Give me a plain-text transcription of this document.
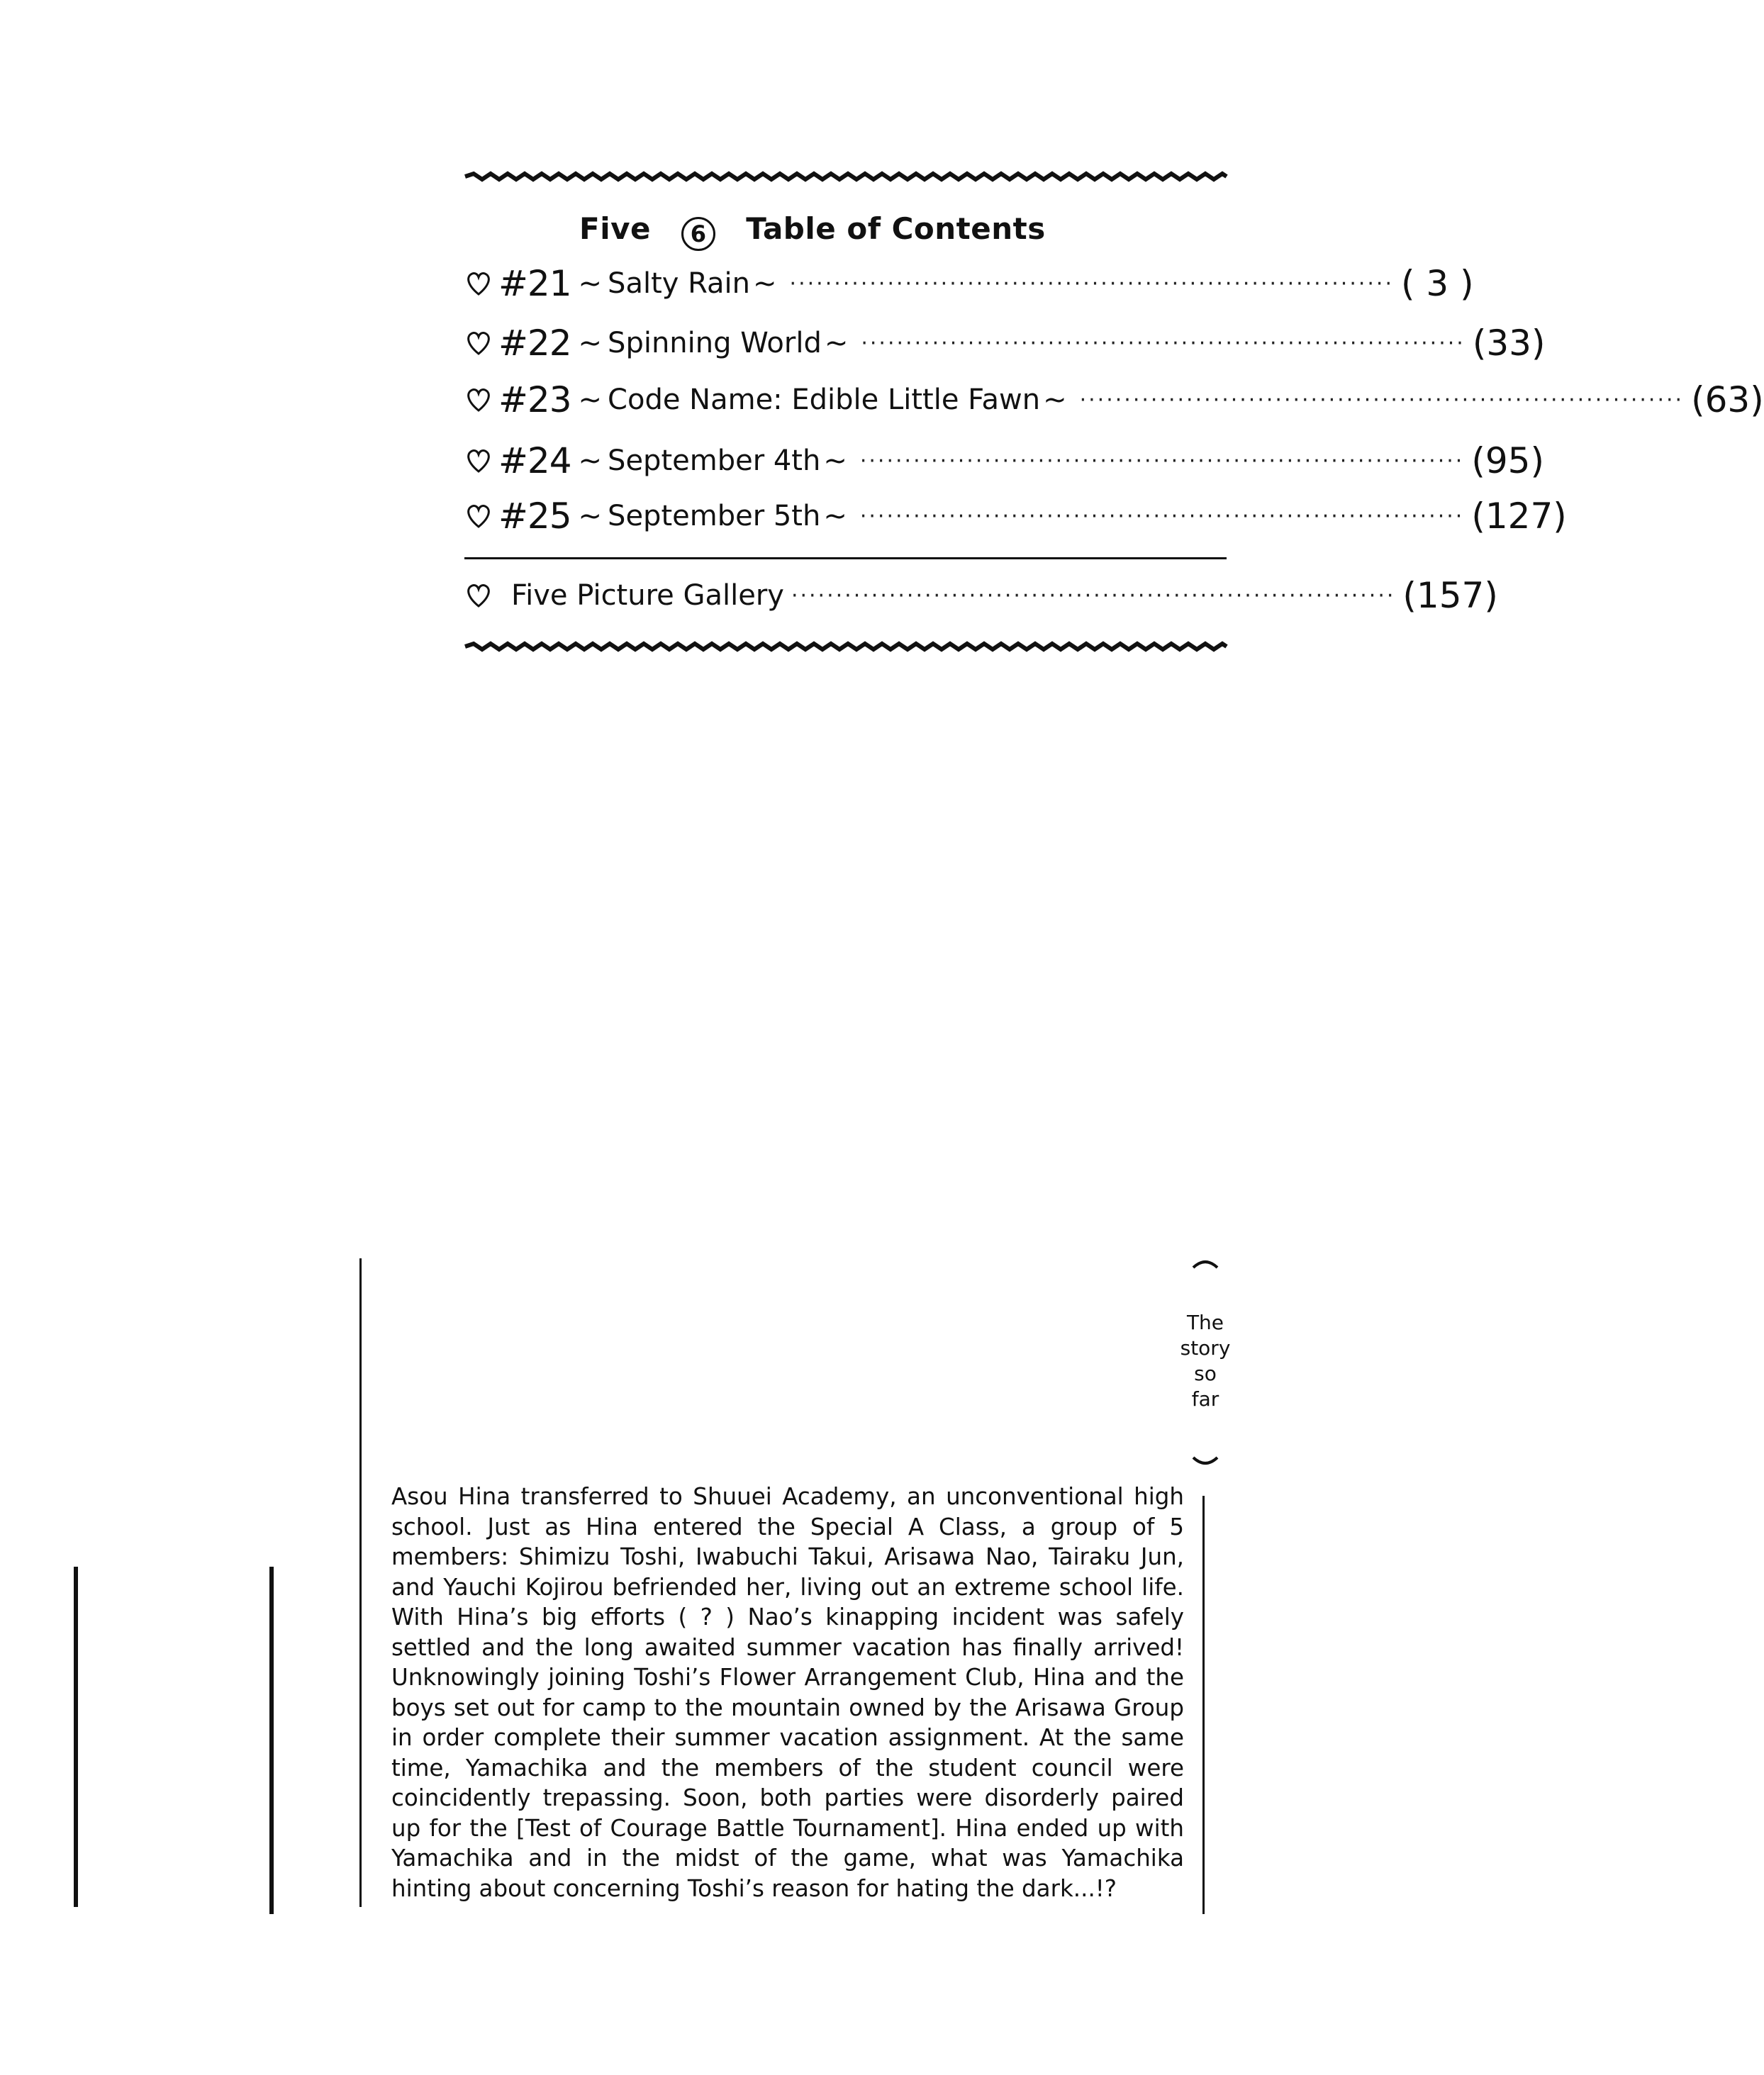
Five 6 Table of Contents
#21 ~ Salty Rain ~ ···································································· ( 3 )
#22 ~ Spinning World ~ ···································································· (33)
#23 ~ Code Name: Edible Little Fawn ~ ···································································· (63)
#24 ~ September 4th ~ ···································································· (95)
#25 ~ September 5th ~ ···································································· (127)
Five Picture Gallery ···································································· (157)
The
story
so
far
Asou Hina transferred to Shuuei Academy, an unconventional high school. Just as Hina entered the Special A Class, a group of 5 members: Shimizu Toshi, Iwabuchi Takui, Arisawa Nao, Tairaku Jun, and Yauchi Kojirou befriended her, living out an extreme school life. With Hina’s big efforts ( ? ) Nao’s kinapping incident was safely settled and the long awaited summer vacation has finally arrived! Unknowingly joining Toshi’s Flower Arrangement Club, Hina and the boys set out for camp to the mountain owned by the Arisawa Group in order complete their summer vacation assignment. At the same time, Yamachika and the members of the student council were coincidently trepassing. Soon, both parties were disorderly paired up for the [Test of Courage Battle Tournament]. Hina ended up with Yamachika and in the midst of the game, what was Yamachika hinting about concerning Toshi’s reason for hating the dark...!?
